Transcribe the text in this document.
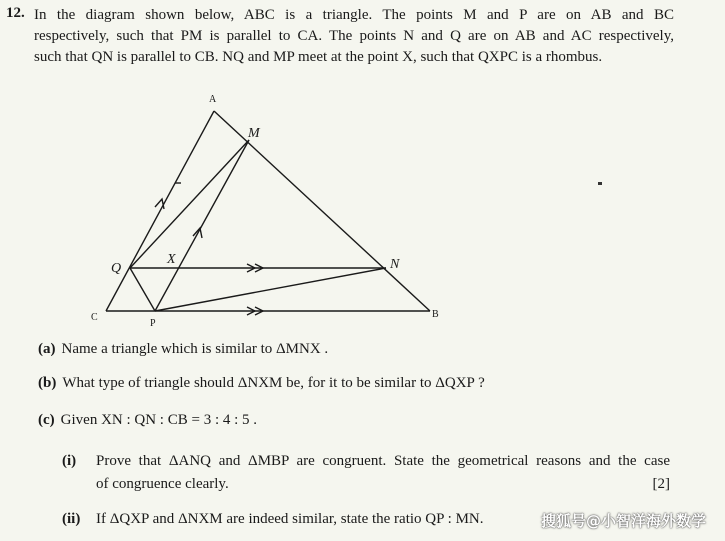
12. In the diagram shown below, ABC is a triangle. The points M and P are on AB and BC
respectively, such that PM is parallel to CA. The points N and Q are on AB and AC respectively,
such that QN is parallel to CB. NQ and MP meet at the point X, such that QXPC is a rhombus.
A
M
Q
X	N
C
P
B
(a) Name a triangle which is similar to ΔMNX .
(b) What type of triangle should ΔNXM be, for it to be similar to ΔQXP ?
(c) Given XN : QN : CB = 3 : 4 : 5 .
(i) Prove that ΔANQ and ΔMBP are congruent. State the geometrical reasons and the case
of congruence clearly.	[2]
(ii) If ΔQXP and ΔNXM are indeed similar, state the ratio QP : MN.	搜狐号@小智洋海外数学
